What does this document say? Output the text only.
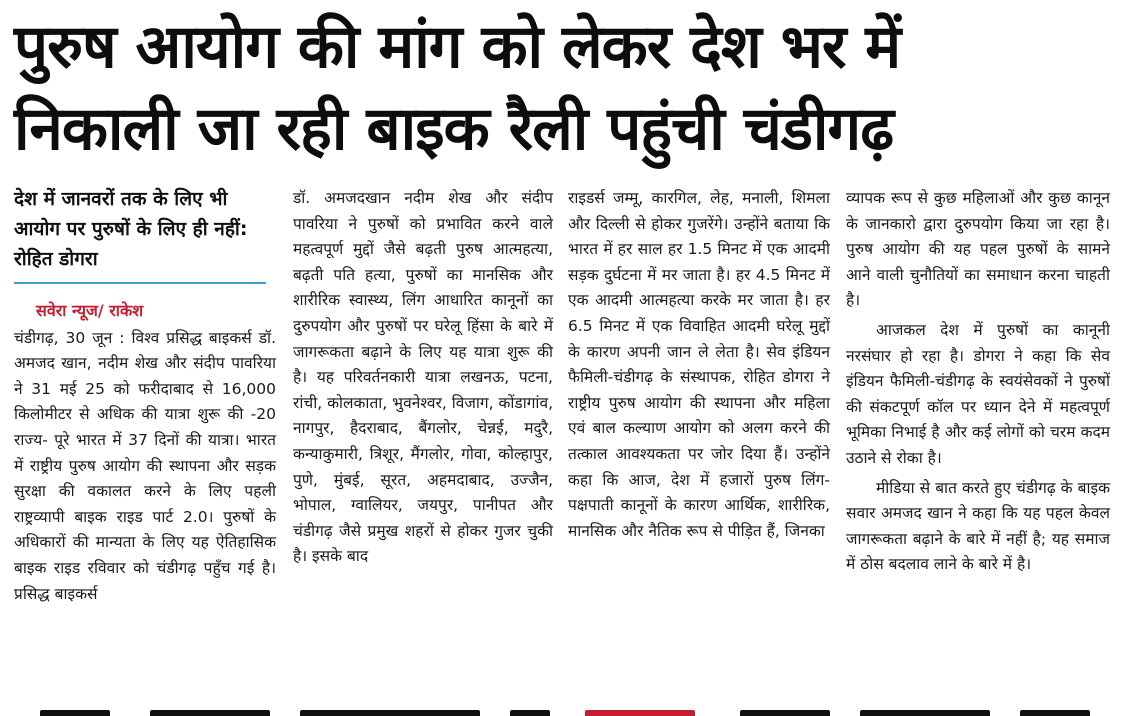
पुरुष आयोग की मांग को लेकर देश भर में
निकाली जा रही बाइक रैली पहुंची चंडीगढ़
देश में जानवरों तक के लिए भी आयोग पर पुरुषों के लिए ही नहीं: रोहित डोगरा
सवेरा न्यूज/ राकेश

चंडीगढ़, 30 जून : विश्व प्रसिद्ध बाइकर्स डॉ. अमजद खान, नदीम शेख और संदीप पावरिया ने 31 मई 25 को फरीदाबाद से 16,000 किलोमीटर से अधिक की यात्रा शुरू की -20 राज्य- पूरे भारत में 37 दिनों की यात्रा। भारत में राष्ट्रीय पुरुष आयोग की स्थापना और सड़क सुरक्षा की वकालत करने के लिए पहली राष्ट्रव्यापी बाइक राइड पार्ट 2.0। पुरुषों के अधिकारों की मान्यता के लिए यह ऐतिहासिक बाइक राइड रविवार को चंडीगढ़ पहुँच गई है। प्रसिद्ध बाइकर्स

डॉ. अमजदखान नदीम शेख और संदीप पावरिया ने पुरुषों को प्रभावित करने वाले महत्वपूर्ण मुद्दों जैसे बढ़ती पुरुष आत्महत्या, बढ़ती पति हत्या, पुरुषों का मानसिक और शारीरिक स्वास्थ्य, लिंग आधारित कानूनों का दुरुपयोग और पुरुषों पर घरेलू हिंसा के बारे में जागरूकता बढ़ाने के लिए यह यात्रा शुरू की है। यह परिवर्तनकारी यात्रा लखनऊ, पटना, रांची, कोलकाता, भुवनेश्वर, विजाग, कोंडागांव, नागपुर, हैदराबाद, बैंगलोर, चेन्नई, मदुरै, कन्याकुमारी, त्रिशूर, मैंगलोर, गोवा, कोल्हापुर, पुणे, मुंबई, सूरत, अहमदाबाद, उज्जैन, भोपाल, ग्वालियर, जयपुर, पानीपत और चंडीगढ़ जैसे प्रमुख शहरों से होकर गुजर चुकी है। इसके बाद

राइडर्स जम्मू, कारगिल, लेह, मनाली, शिमला और दिल्ली से होकर गुजरेंगे। उन्होंने बताया कि भारत में हर साल हर 1.5 मिनट में एक आदमी सड़क दुर्घटना में मर जाता है। हर 4.5 मिनट में एक आदमी आत्महत्या करके मर जाता है। हर 6.5 मिनट में एक विवाहित आदमी घरेलू मुद्दों के कारण अपनी जान ले लेता है। सेव इंडियन फैमिली-चंडीगढ़ के संस्थापक, रोहित डोगरा ने राष्ट्रीय पुरुष आयोग की स्थापना और महिला एवं बाल कल्याण आयोग को अलग करने की तत्काल आवश्यकता पर जोर दिया हैं। उन्होंने कहा कि आज, देश में हजारों पुरुष लिंग-पक्षपाती कानूनों के कारण आर्थिक, शारीरिक, मानसिक और नैतिक रूप से पीड़ित हैं, जिनका

व्यापक रूप से कुछ महिलाओं और कुछ कानून के जानकारो द्वारा दुरुपयोग किया जा रहा है। पुरुष आयोग की यह पहल पुरुषों के सामने आने वाली चुनौतियों का समाधान करना चाहती है।

आजकल देश में पुरुषों का कानूनी नरसंघार हो रहा है। डोगरा ने कहा कि सेव इंडियन फैमिली-चंडीगढ़ के स्वयंसेवकों ने पुरुषों की संकटपूर्ण कॉल पर ध्यान देने में महत्वपूर्ण भूमिका निभाई है और कई लोगों को चरम कदम उठाने से रोका है।

मीडिया से बात करते हुए चंडीगढ़ के बाइक सवार अमजद खान ने कहा कि यह पहल केवल जागरूकता बढ़ाने के बारे में नहीं है; यह समाज में ठोस बदलाव लाने के बारे में है।
